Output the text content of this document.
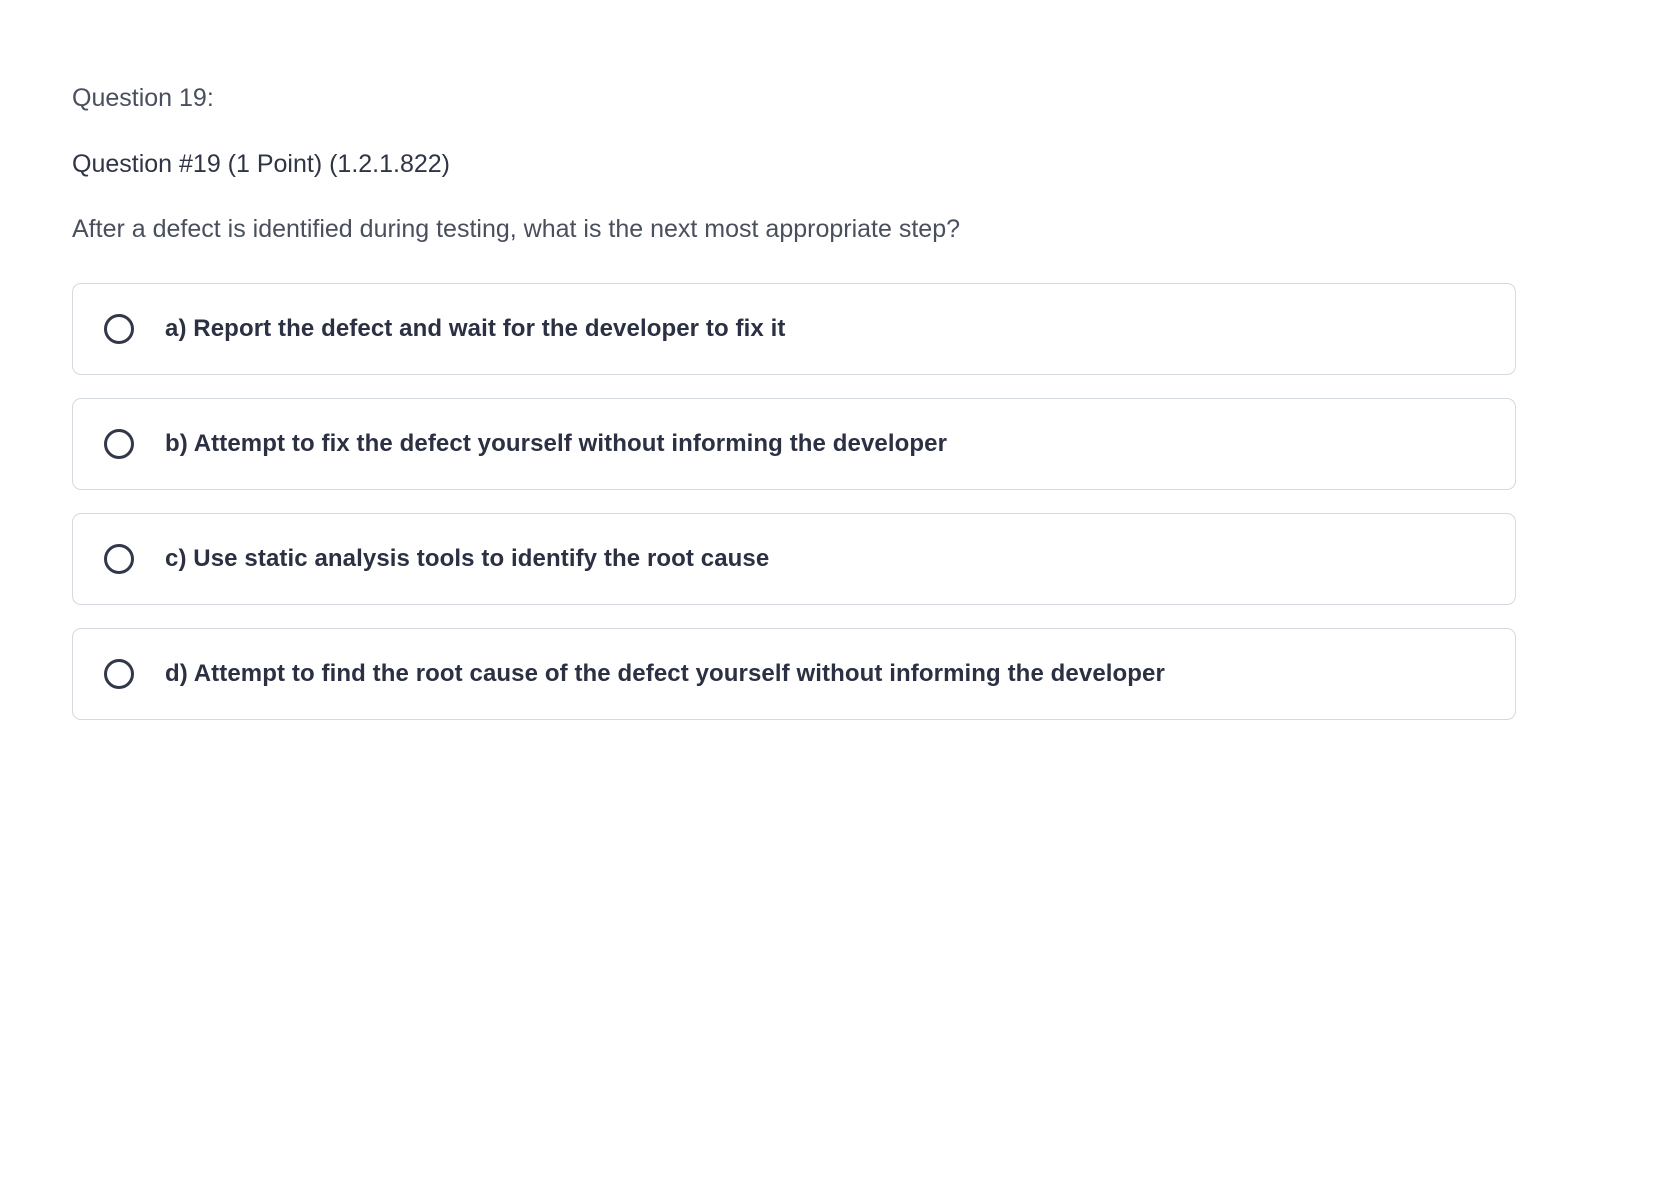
Question 19:
Question #19 (1 Point) (1.2.1.822)
After a defect is identified during testing, what is the next most appropriate step?
a) Report the defect and wait for the developer to fix it
b) Attempt to fix the defect yourself without informing the developer
c) Use static analysis tools to identify the root cause
d) Attempt to find the root cause of the defect yourself without informing the developer
